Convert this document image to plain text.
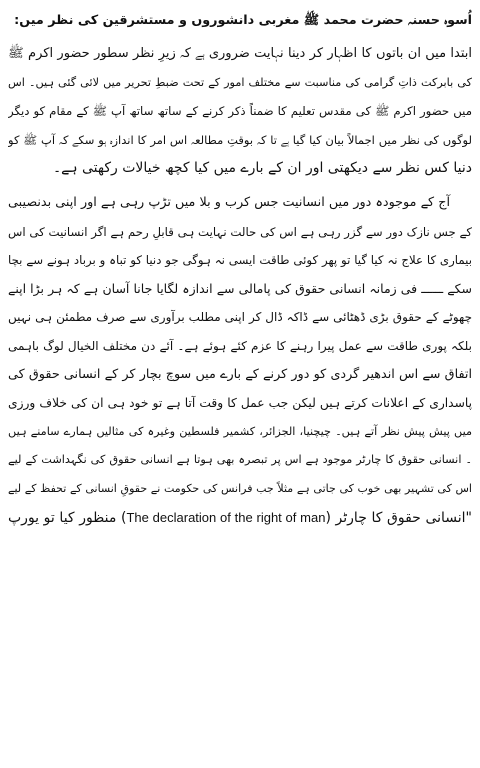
اُسوہ حسنہ حضرت محمد ﷺ مغربی دانشوروں و مستشرقین کی نظر میں:
ابتدا میں ان باتوں کا اظہار کر دینا نہایت ضروری ہے کہ زیرِ نظر سطور حضور اکرم ﷺ
کی بابرکت ذاتِ گرامی کی مناسبت سے مختلف امور کے تحت ضبطِ تحریر میں لائی گئی ہیں۔ اس
میں حضور اکرم ﷺ کی مقدس تعلیم کا ضمناً ذکر کرنے کے ساتھ ساتھ آپ ﷺ کے مقام کو دیگر
لوگوں کی نظر میں اجمالاً بیان کیا گیا ہے تا کہ بوقتِ مطالعہ اس امر کا اندازہ ہو سکے کہ آپ ﷺ کو
دنیا کس نظر سے دیکھتی اور ان کے بارے میں کیا کچھ خیالات رکھتی ہے۔
آج کے موجودہ دور میں انسانیت جس کرب و بلا میں تڑپ رہی ہے اور اپنی بدنصیبی
کے جس نازک دور سے گزر رہی ہے اس کی حالت نہایت ہی قابلِ رحم ہے اگر انسانیت کی اس
بیماری کا علاج نہ کیا گیا تو پھر کوئی طاقت ایسی نہ ہوگی جو دنیا کو تباہ و برباد ہونے سے بچا
سکے ــــــ فی زمانہ انسانی حقوق کی پامالی سے اندازہ لگایا جانا آسان ہے کہ ہر بڑا اپنے
چھوٹے کے حقوق بڑی ڈھٹائی سے ڈاکہ ڈال کر اپنی مطلب برآوری سے صرف مطمئن ہی نہیں
بلکہ پوری طاقت سے عمل پیرا رہنے کا عزم کئے ہوئے ہے۔ آئے دن مختلف الخیال لوگ باہمی
اتفاق سے اس اندھیر گردی کو دور کرنے کے بارے میں سوچ بچار کر کے انسانی حقوق کی
پاسداری کے اعلانات کرتے ہیں لیکن جب عمل کا وقت آتا ہے تو خود ہی ان کی خلاف ورزی
میں پیش پیش نظر آتے ہیں۔ چیچنیا، الجزائر، کشمیر فلسطین وغیرہ کی مثالیں ہمارے سامنے ہیں
۔ انسانی حقوق کا چارٹر موجود ہے اس پر تبصرہ بھی ہوتا ہے انسانی حقوق کی نگہداشت کے لیے
اس کی تشہیر بھی خوب کی جاتی ہے مثلاً جب فرانس کی حکومت نے حقوقِ انسانی کے تحفظ کے لیے
"انسانی حقوق کا چارٹر (The declaration of the right of man) منظور کیا تو یورپ
